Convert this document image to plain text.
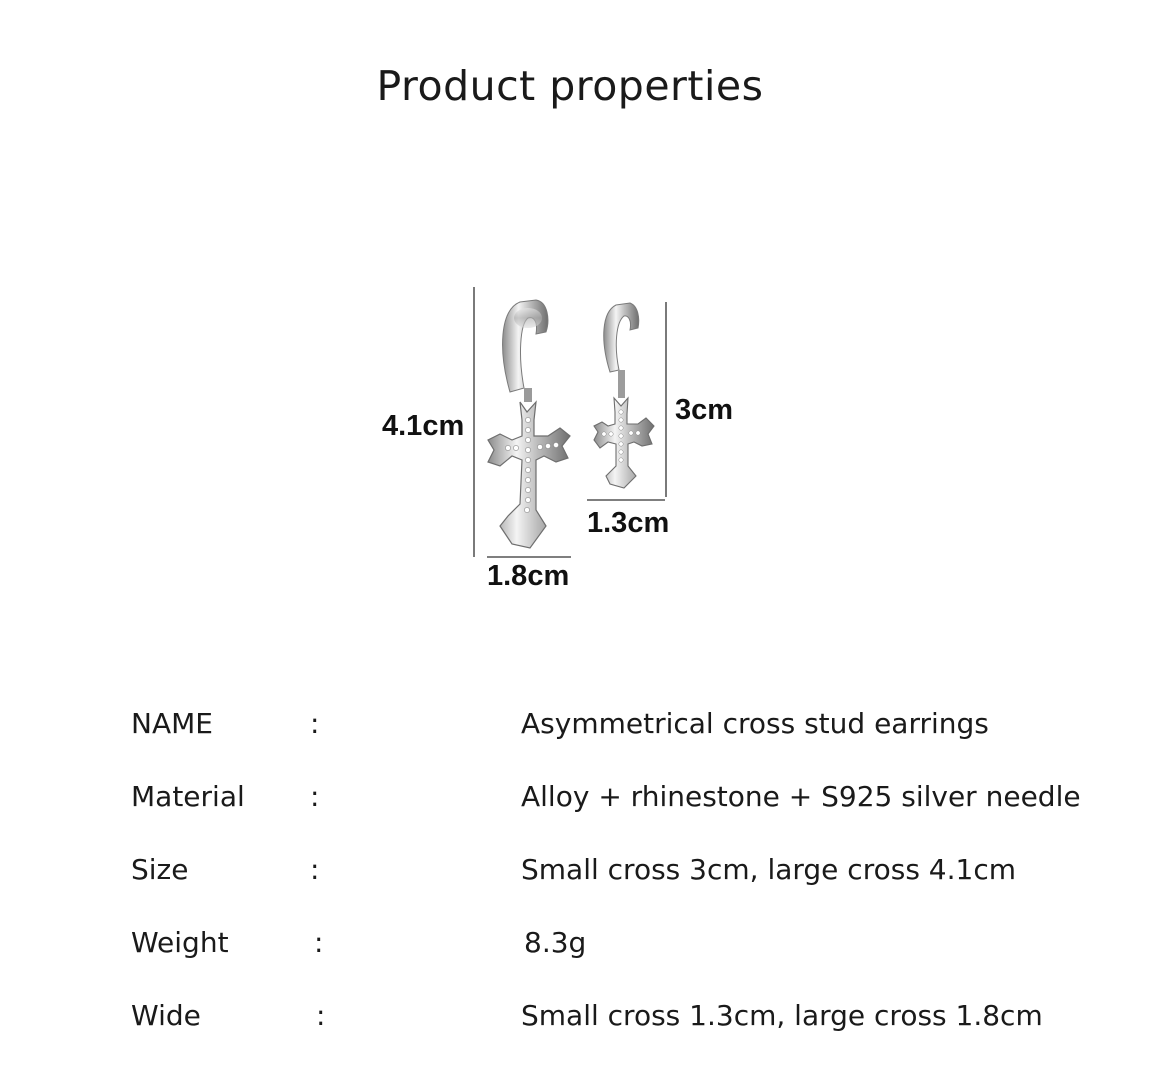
Product properties
4.1cm
1.8cm
3cm
1.3cm
NAME	:	Asymmetrical cross stud earrings
Material :	Alloy + rhinestone + S925 silver needle
Size	:	Small cross 3cm, large cross 4.1cm
Weight	:	8.3g
Wide	:	Small cross 1.3cm, large cross 1.8cm
